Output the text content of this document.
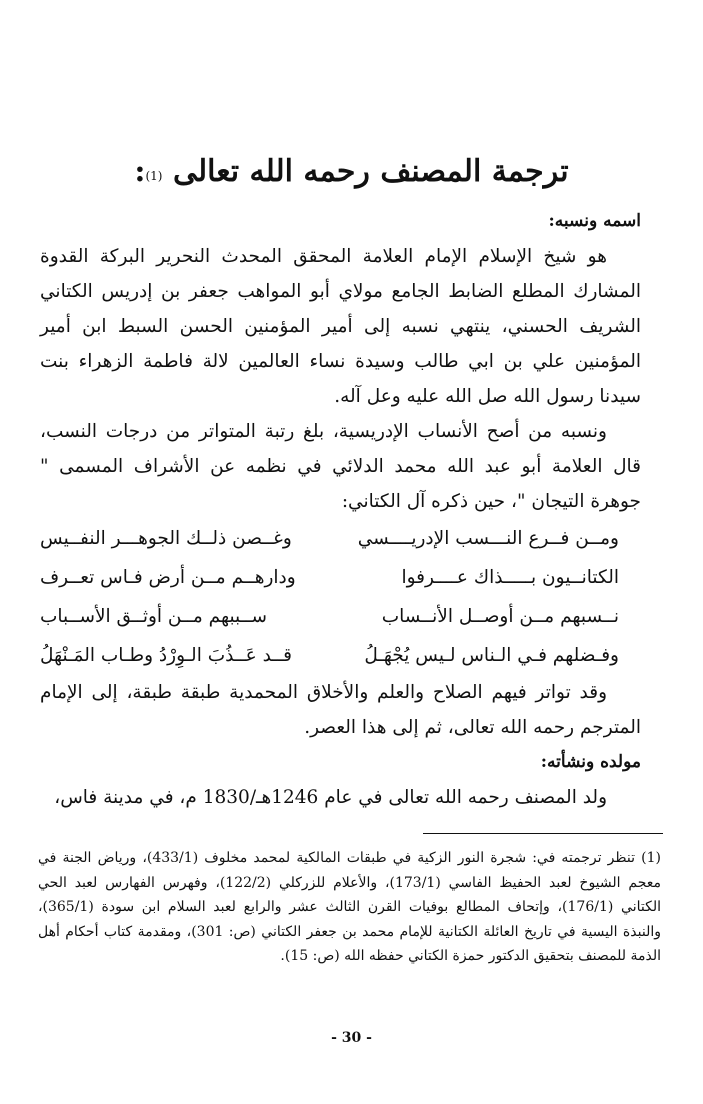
ترجمة المصنف رحمه الله تعالى $^{(1)}$:

اسمه ونسبه:

هو شيخ الإسلام الإمام العلامة المحقق المحدث النحرير البركة القدوة المشارك المطلع الضابط الجامع مولاي أبو المواهب جعفر بن إدريس الكتاني الشريف الحسني، ينتهي نسبه إلى أمير المؤمنين الحسن السبط ابن أمير المؤمنين علي بن ابي طالب وسيدة نساء العالمين لالة فاطمة الزهراء بنت سيدنا رسول الله صل الله عليه وعل آله.

ونسبه من أصح الأنساب الإدريسية، بلغ رتبة المتواتر من درجات النسب، قال العلامة أبو عبد الله محمد الدلائي في نظمه عن الأشراف المسمى " جوهرة التيجان "، حين ذكره آل الكتاني:

ومــن فــرع النـــسب الإدريــــسي
وغــصن ذلــك الجوهـــر النفــيس
الكتانــيون بـــــذاك عــــرفوا
ودارهــم مــن أرض فـاس تعــرف
نــسبهم مــن أوصــل الأنــساب
ســببهم مــن أوثــق الأســباب
وفـضلهم فـي الـناس لـيس يُجْهَـلُ
قــد عَــذُبَ الـوِرْدُ وطـاب المَـنْهَلُ

وقد تواتر فيهم الصلاح والعلم والأخلاق المحمدية طبقة طبقة، إلى الإمام المترجم رحمه الله تعالى، ثم إلى هذا العصر.

مولده ونشأته:

ولد المصنف رحمه الله تعالى في عام 1246هـ/1830 م، في مدينة فاس،

(1) تنظر ترجمته في: شجرة النور الزكية في طبقات المالكية لمحمد مخلوف (433/1)، ورياض الجنة في معجم الشيوخ لعبد الحفيظ الفاسي (173/1)، والأعلام للزركلي (122/2)، وفهرس الفهارس لعبد الحي الكتاني (176/1)، وإتحاف المطالع بوفيات القرن الثالث عشر والرابع لعبد السلام ابن سودة (365/1)، والنبذة اليسية في تاريخ العائلة الكتانية للإمام محمد بن جعفر الكتاني (ص: 301)، ومقدمة كتاب أحكام أهل الذمة للمصنف بتحقيق الدكتور حمزة الكتاني حفظه الله (ص: 15).

- 30 -
